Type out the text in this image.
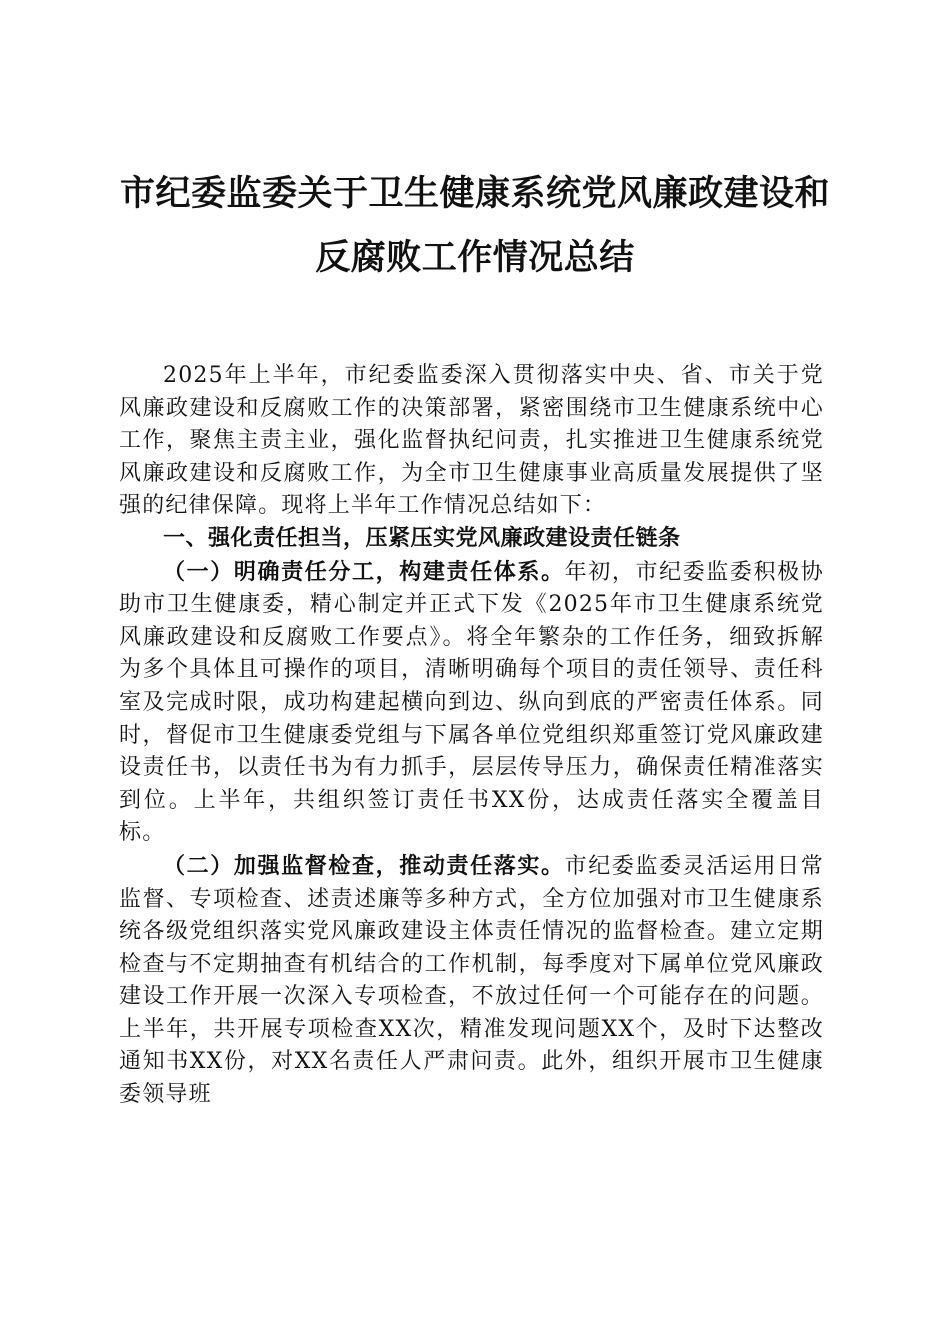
市纪委监委关于卫生健康系统党风廉政建设和
反腐败工作情况总结

2025年上半年，市纪委监委深入贯彻落实中央、省、市关于党风廉政建设和反腐败工作的决策部署，紧密围绕市卫生健康系统中心工作，聚焦主责主业，强化监督执纪问责，扎实推进卫生健康系统党风廉政建设和反腐败工作，为全市卫生健康事业高质量发展提供了坚强的纪律保障。现将上半年工作情况总结如下：

一、强化责任担当，压紧压实党风廉政建设责任链条

（一）明确责任分工，构建责任体系。年初，市纪委监委积极协助市卫生健康委，精心制定并正式下发《2025年市卫生健康系统党风廉政建设和反腐败工作要点》。将全年繁杂的工作任务，细致拆解为多个具体且可操作的项目，清晰明确每个项目的责任领导、责任科室及完成时限，成功构建起横向到边、纵向到底的严密责任体系。同时，督促市卫生健康委党组与下属各单位党组织郑重签订党风廉政建设责任书，以责任书为有力抓手，层层传导压力，确保责任精准落实到位。上半年，共组织签订责任书XX份，达成责任落实全覆盖目标。

（二）加强监督检查，推动责任落实。市纪委监委灵活运用日常监督、专项检查、述责述廉等多种方式，全方位加强对市卫生健康系统各级党组织落实党风廉政建设主体责任情况的监督检查。建立定期检查与不定期抽查有机结合的工作机制，每季度对下属单位党风廉政建设工作开展一次深入专项检查，不放过任何一个可能存在的问题。上半年，共开展专项检查XX次，精准发现问题XX个，及时下达整改通知书XX份，对XX名责任人严肃问责。此外，组织开展市卫生健康委领导班
